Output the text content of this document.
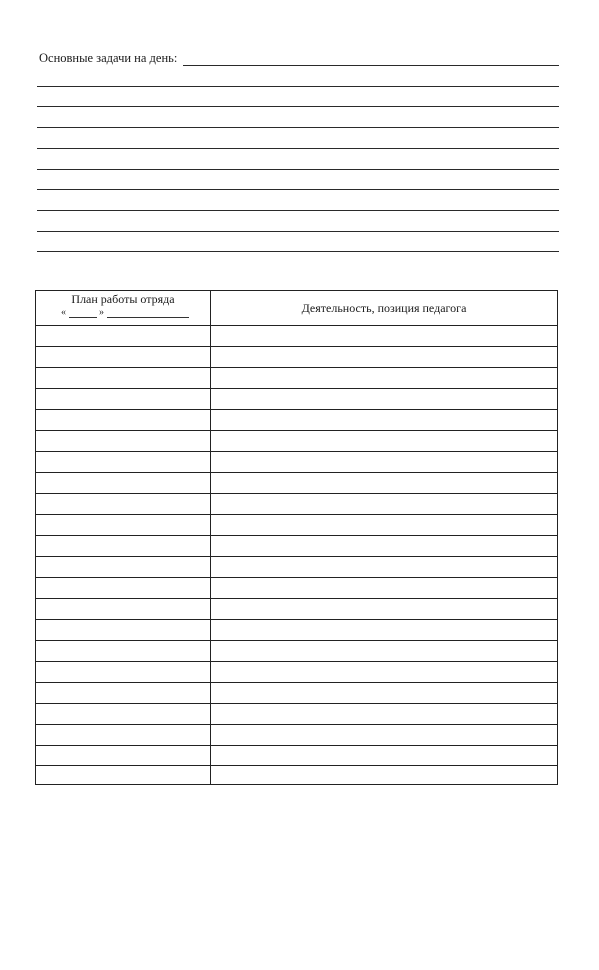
Основные задачи на день:
План работы отряда
«	»	Деятельность, позиция педагога
